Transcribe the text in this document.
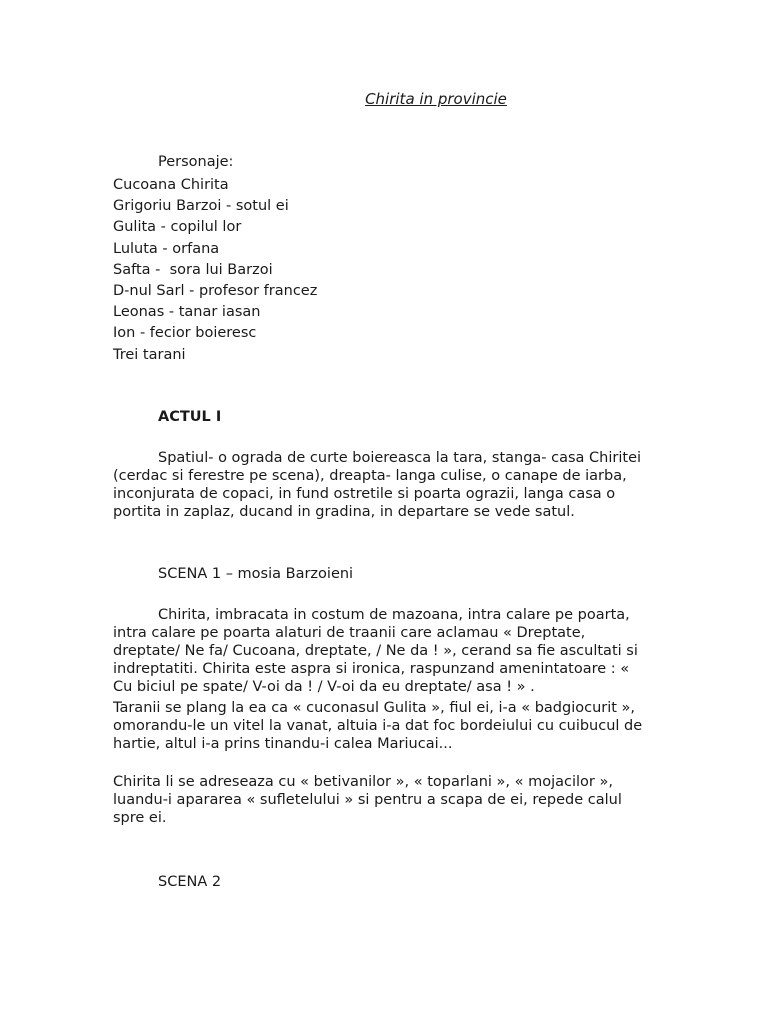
Chirita in provincie
Personaje:
Cucoana Chirita
Grigoriu Barzoi - sotul ei
Gulita - copilul lor
Luluta - orfana
Safta -  sora lui Barzoi
D-nul Sarl - profesor francez
Leonas - tanar iasan
Ion - fecior boieresc
Trei tarani
ACTUL I

Spatiul- o ograda de curte boiereasca la tara, stanga- casa Chiritei (cerdac si ferestre pe scena), dreapta- langa culise, o canape de iarba, inconjurata de copaci, in fund ostretile si poarta ograzii, langa casa o portita in zaplaz, ducand in gradina, in departare se vede satul.

SCENA 1 – mosia Barzoieni

Chirita, imbracata in costum de mazoana, intra calare pe poarta, intra calare pe poarta alaturi de traanii care aclamau « Dreptate, dreptate/ Ne fa/ Cucoana, dreptate, / Ne da ! », cerand sa fie ascultati si indreptatiti. Chirita este aspra si ironica, raspunzand amenintatoare : « Cu biciul pe spate/ V-oi da ! / V-oi da eu dreptate/ asa ! » .

Taranii se plang la ea ca « cuconasul Gulita », fiul ei, i-a « badgiocurit », omorandu-le un vitel la vanat, altuia i-a dat foc bordeiului cu cuibucul de hartie, altul i-a prins tinandu-i calea Mariucai...

Chirita li se adreseaza cu « betivanilor », « toparlani », « mojacilor », luandu-i apararea « sufletelului » si pentru a scapa de ei, repede calul spre ei.

SCENA 2
